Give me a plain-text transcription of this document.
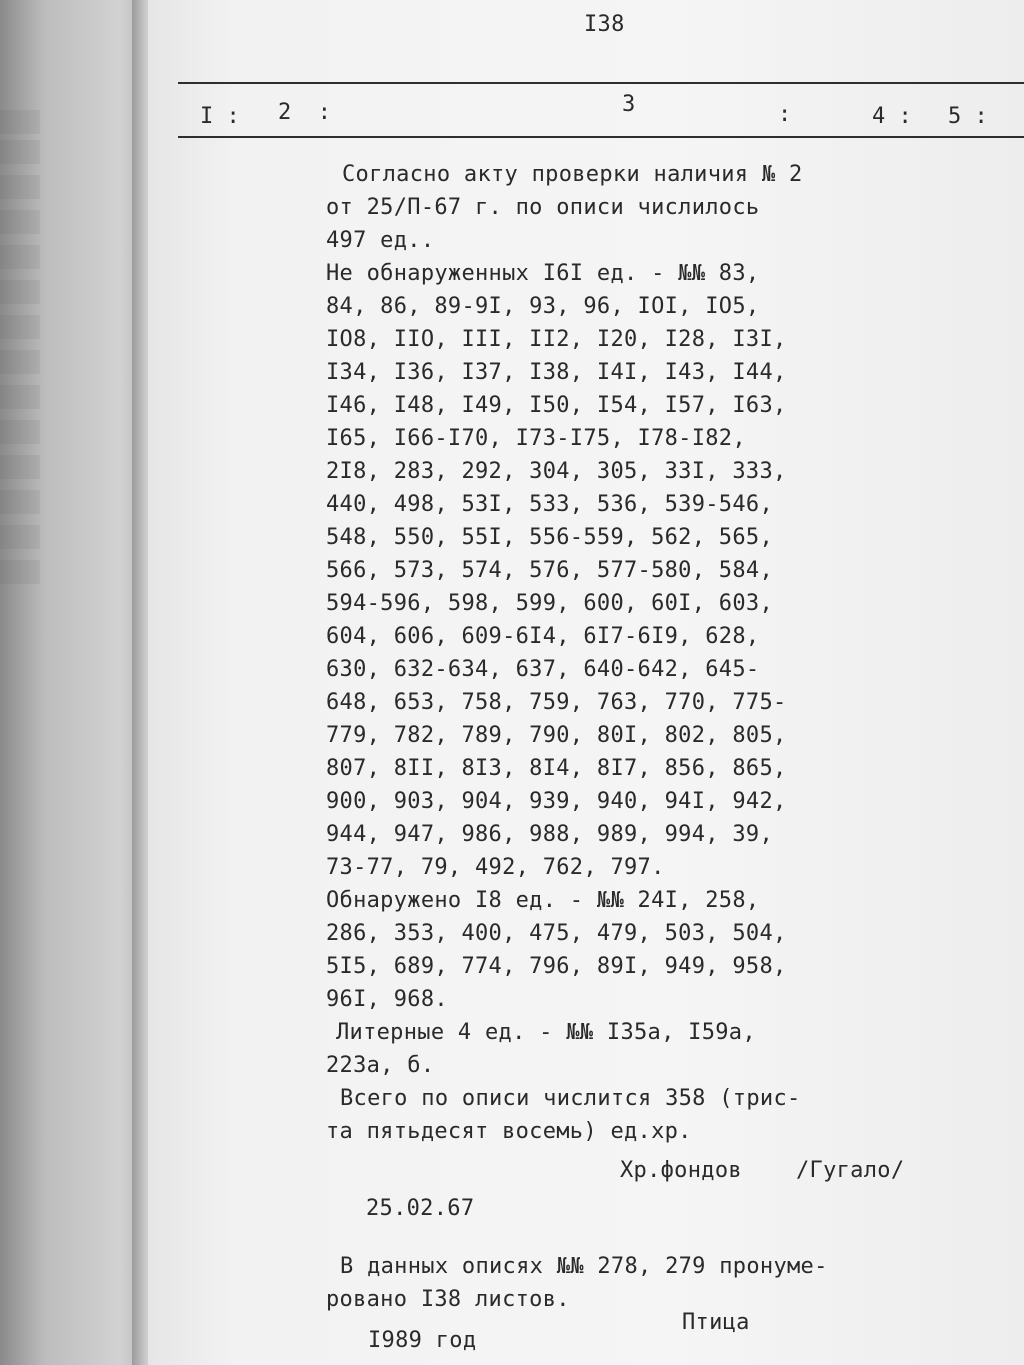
I38
I : 2  :	3	:	4 : 5 :
Согласно акту проверки наличия № 2
от 25/П-67 г. по описи числилось
497 ед..
Не обнаруженных I6I ед. - №№ 83,
84, 86, 89-9I, 93, 96, IOI, IO5,
IO8, IIO, III, II2, I20, I28, I3I,
I34, I36, I37, I38, I4I, I43, I44,
I46, I48, I49, I50, I54, I57, I63,
I65, I66-I70, I73-I75, I78-I82,
2I8, 283, 292, 304, 305, 33I, 333,
440, 498, 53I, 533, 536, 539-546,
548, 550, 55I, 556-559, 562, 565,
566, 573, 574, 576, 577-580, 584,
594-596, 598, 599, 600, 60I, 603,
604, 606, 609-6I4, 6I7-6I9, 628,
630, 632-634, 637, 640-642, 645-
648, 653, 758, 759, 763, 770, 775-
779, 782, 789, 790, 80I, 802, 805,
807, 8II, 8I3, 8I4, 8I7, 856, 865,
900, 903, 904, 939, 940, 94I, 942,
944, 947, 986, 988, 989, 994, 39,
73-77, 79, 492, 762, 797.
Обнаружено I8 ед. - №№ 24I, 258,
286, 353, 400, 475, 479, 503, 504,
5I5, 689, 774, 796, 89I, 949, 958,
96I, 968.
Литерные 4 ед. - №№ I35а, I59а,
223а, б.
Всего по описи числится 358 (трис-
та пятьдесят восемь) ед.хр.
Хр.фондов /Гугало/
25.02.67
В данных описях №№ 278, 279 пронуме-
ровано I38 листов.
Птица
I989 год
